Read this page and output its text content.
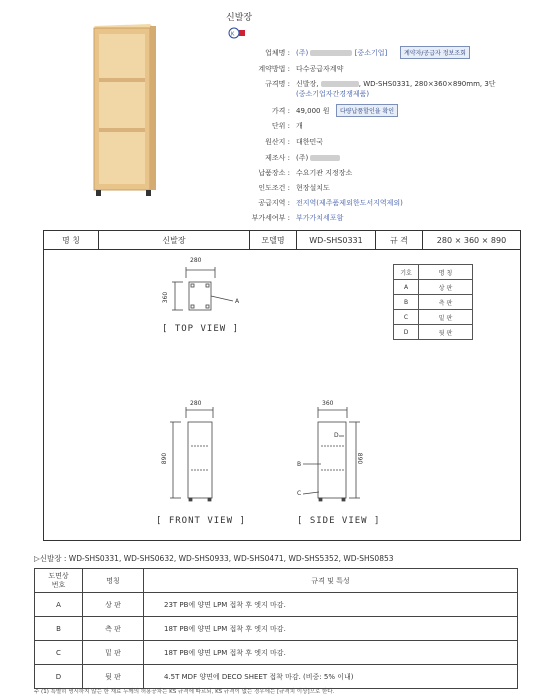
신발장
K
업체명 : (주)	[중소기업]	계약자/공급자 정보조회
계약방법 : 다수공급자계약
규격명 : 신발장,	, WD-SHS0331, 280×360×890mm, 3단
(중소기업자간경쟁제품)
가격 : 49,000 원	다량납품할인율 확인
단위 : 개
원산지 : 대한민국
제조사 : (주)
납품장소 : 수요기관 지정장소
인도조건 : 현장설치도
공급지역 : 전지역(제주품제외한도서지역제외)
부가세여부 : 부가가치세포함
명 칭	신발장	모델명	WD-SHS0331	규 격	280 × 360 × 890
280
360	A
[ TOP VIEW ]
280
890
[ FRONT VIEW ]
360
890
D
B
C
[ SIDE VIEW ]
기호	명 칭
A	상 판
B	측 판
C	밑 판
D	뒷 판
▷신발장 : WD-SHS0331, WD-SHS0632, WD-SHS0933, WD-SHS0471, WD-SHS5352, WD-SHS0853
도면상
번호	명칭	규격 및 특성
A	상 판	23T PB에 양면 LPM 접착 후 엣지 마감.
B	측 판	18T PB에 양면 LPM 접착 후 엣지 마감.
C	밑 판	18T PB에 양면 LPM 접착 후 엣지 마감.
D	뒷 판	4.5T MDF 양면에 DECO SHEET 접착 마감. (비중: 5% 이내)
주 (1) 특별히 명시하지 않는 한 재료 두께의 허용공차는 KS 규격에 따르되, KS 규격이 없는 경우에는 [규격치 이상]으로 한다.
